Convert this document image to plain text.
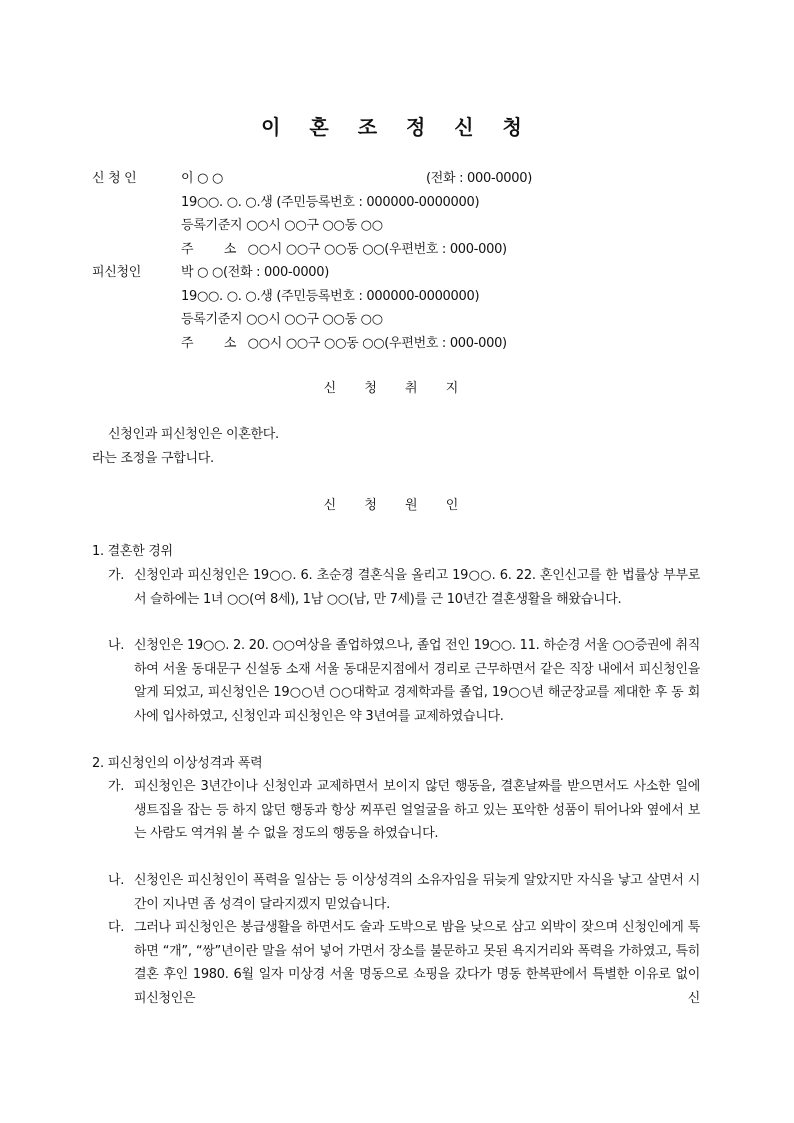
이 혼 조 정 신 청
신 청 인	이 ○ ○	(전화 : 000-0000)
19○○. ○. ○.생 (주민등록번호 : 000000-0000000)
등록기준지 ○○시 ○○구 ○○동 ○○
주        소   ○○시 ○○구 ○○동 ○○(우편번호 : 000-000)
피신청인	박 ○ ○(전화 : 000-0000)
19○○. ○. ○.생 (주민등록번호 : 000000-0000000)
등록기준지 ○○시 ○○구 ○○동 ○○
주        소   ○○시 ○○구 ○○동 ○○(우편번호 : 000-000)
신 청 취 지
신청인과 피신청인은 이혼한다.
라는 조정을 구합니다.
신 청 원 인
1. 결혼한 경위
가. 신청인과 피신청인은 19○○. 6. 초순경 결혼식을 올리고 19○○. 6. 22. 혼인신고를 한 법률상 부부로서 슬하에는 1녀 ○○(여 8세), 1남 ○○(남, 만 7세)를 근 10년간 결혼생활을 해왔습니다.
나. 신청인은 19○○. 2. 20. ○○여상을 졸업하였으나, 졸업 전인 19○○. 11. 하순경 서울 ○○증권에 취직하여 서울 동대문구 신설동 소재 서울 동대문지점에서 경리로 근무하면서 같은 직장 내에서 피신청인을 알게 되었고, 피신청인은 19○○년 ○○대학교 경제학과를 졸업, 19○○년 해군장교를 제대한 후 동 회사에 입사하였고, 신청인과 피신청인은 약 3년여를 교제하였습니다.
2. 피신청인의 이상성격과 폭력
가. 피신청인은 3년간이나 신청인과 교제하면서 보이지 않던 행동을, 결혼날짜를 받으면서도 사소한 일에 생트집을 잡는 등 하지 않던 행동과 항상 찌푸린 얼얼굴을 하고 있는 포악한 성품이 튀어나와 옆에서 보는 사람도 역겨워 볼 수 없을 정도의 행동을 하였습니다.
나. 신청인은 피신청인이 폭력을 일삼는 등 이상성격의 소유자임을 뒤늦게 알았지만 자식을 낳고 살면서 시간이 지나면 좀 성격이 달라지겠지 믿었습니다.
다. 그러나 피신청인은 봉급생활을 하면서도 술과 도박으로 밤을 낮으로 삼고 외박이 잦으며 신청인에게 툭하면 “개”, “쌍”년이란 말을 섞어 넣어 가면서 장소를 불문하고 못된 욕지거리와 폭력을 가하였고, 특히 결혼 후인 1980. 6월 일자 미상경 서울 명동으로 쇼핑을 갔다가 명동 한복판에서 특별한 이유로 없이 피신청인은 신
